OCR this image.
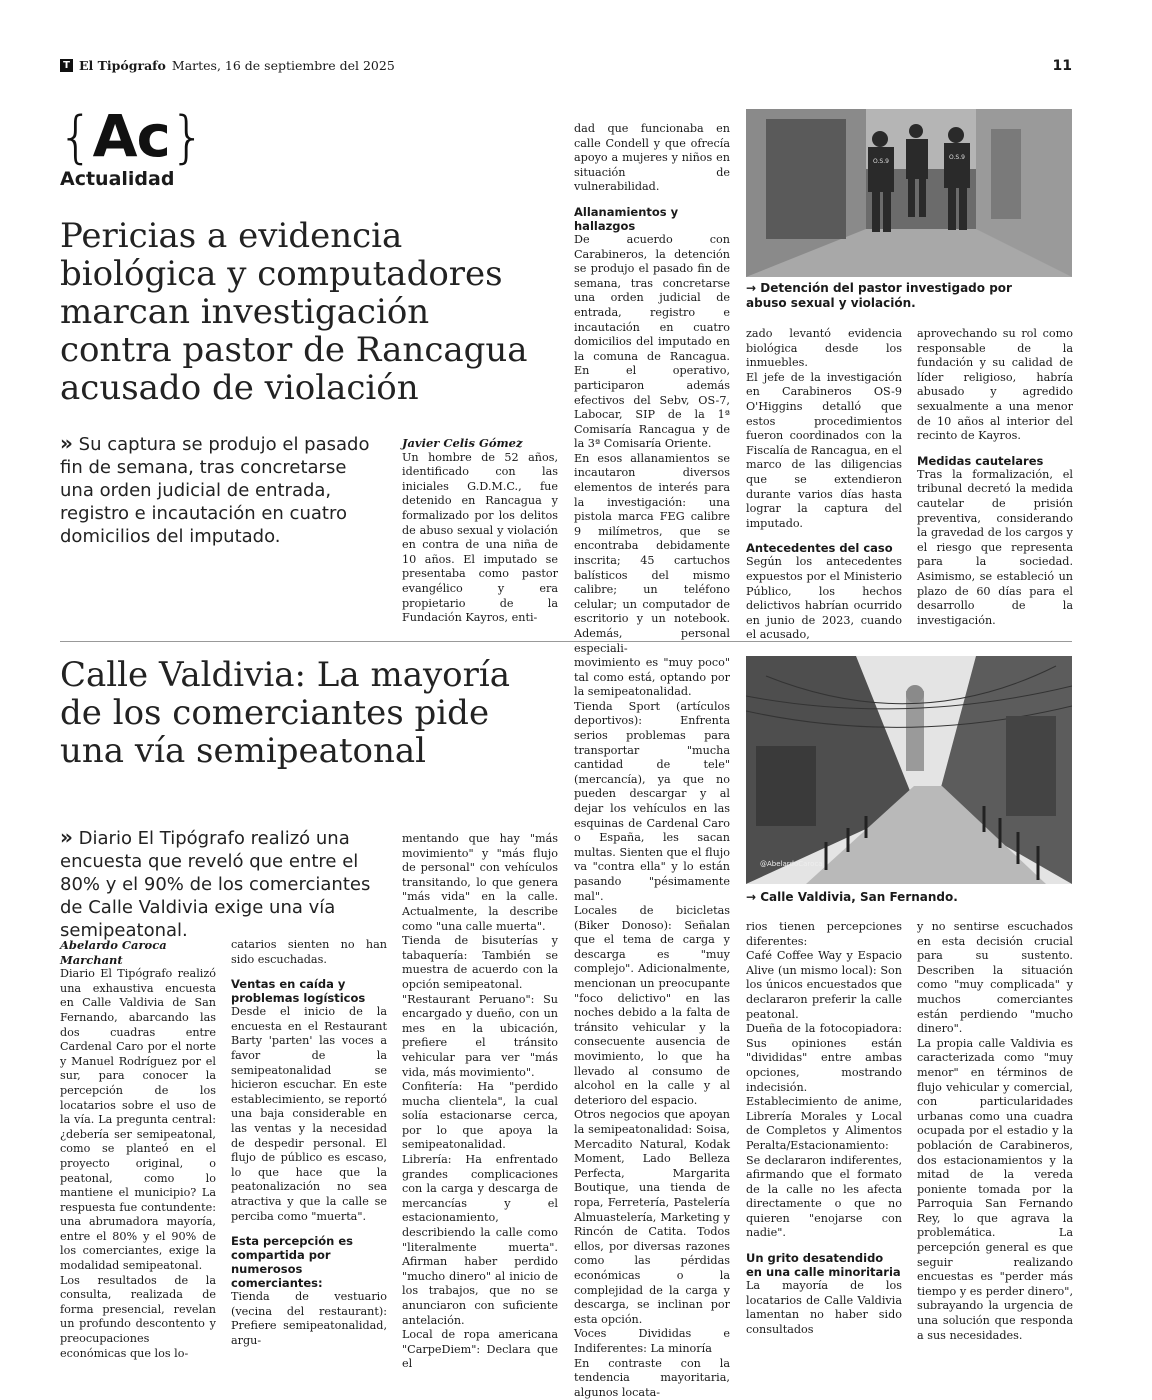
T El Tipógrafo Martes, 16 de septiembre del 2025	11
{Ac}
Actualidad
Pericias a evidencia biológica y computadores marcan investigación contra pastor de Rancagua acusado de violación
» Su captura se produjo el pasado fin de semana, tras concretarse una orden judicial de entrada, registro e incautación en cuatro domicilios del imputado.

Javier Celis Gómez

Un hombre de 52 años, identificado con las iniciales G.D.M.C., fue detenido en Rancagua y formalizado por los delitos de abuso sexual y violación en contra de una niña de 10 años. El imputado se presentaba como pastor evangélico y era propietario de la Fundación Kayros, enti-

dad que funcionaba en calle Condell y que ofrecía apoyo a mujeres y niños en situación de vulnerabilidad.

Allanamientos y hallazgos

De acuerdo con Carabineros, la detención se produjo el pasado fin de semana, tras concretarse una orden judicial de entrada, registro e incautación en cuatro domicilios del imputado en la comuna de Rancagua. En el operativo, participaron además efectivos del Sebv, OS-7, Labocar, SIP de la 1ª Comisaría Rancagua y de la 3ª Comisaría Oriente.

En esos allanamientos se incautaron diversos elementos de interés para la investigación: una pistola marca FEG calibre 9 milímetros, que se encontraba debidamente inscrita; 45 cartuchos balísticos del mismo calibre; un teléfono celular; un computador de escritorio y un notebook. Además, personal especiali-

O.S.9
O.S.9
→ Detención del pastor investigado por abuso sexual y violación.

zado levantó evidencia biológica desde los inmuebles.

El jefe de la investigación en Carabineros OS-9 O'Higgins detalló que estos procedimientos fueron coordinados con la Fiscalía de Rancagua, en el marco de las diligencias que se extendieron durante varios días hasta lograr la captura del imputado.

Antecedentes del caso

Según los antecedentes expuestos por el Ministerio Público, los hechos delictivos habrían ocurrido en junio de 2023, cuando el acusado,

aprovechando su rol como responsable de la fundación y su calidad de líder religioso, habría abusado y agredido sexualmente a una menor de 10 años al interior del recinto de Kayros.

Medidas cautelares

Tras la formalización, el tribunal decretó la medida cautelar de prisión preventiva, considerando la gravedad de los cargos y el riesgo que representa para la sociedad. Asimismo, se estableció un plazo de 60 días para el desarrollo de la investigación.

Calle Valdivia: La mayoría de los comerciantes pide una vía semipeatonal
» Diario El Tipógrafo realizó una encuesta que reveló que entre el 80% y el 90% de los comerciantes de Calle Valdivia exige una vía semipeatonal.

Abelardo Caroca Marchant

Diario El Tipógrafo realizó una exhaustiva encuesta en Calle Valdivia de San Fernando, abarcando las dos cuadras entre Cardenal Caro por el norte y Manuel Rodríguez por el sur, para conocer la percepción de los locatarios sobre el uso de la vía. La pregunta central: ¿debería ser semipeatonal, como se planteó en el proyecto original, o peatonal, como lo mantiene el municipio? La respuesta fue contundente: una abrumadora mayoría, entre el 80% y el 90% de los comerciantes, exige la modalidad semipeatonal.

Los resultados de la consulta, realizada de forma presencial, revelan un profundo descontento y preocupaciones económicas que los lo-

catarios sienten no han sido escuchadas.

Ventas en caída y problemas logísticos

Desde el inicio de la encuesta en el Restaurant Barty 'parten' las voces a favor de la semipeatonalidad se hicieron escuchar. En este establecimiento, se reportó una baja considerable en las ventas y la necesidad de despedir personal. El flujo de público es escaso, lo que hace que la peatonalización no sea atractiva y que la calle se perciba como "muerta".

Esta percepción es compartida por numerosos comerciantes:

Tienda de vestuario (vecina del restaurant): Prefiere semipeatonalidad, argu-

mentando que hay "más movimiento" y "más flujo de personal" con vehículos transitando, lo que genera "más vida" en la calle. Actualmente, la describe como "una calle muerta".

Tienda de bisuterías y tabaquería: También se muestra de acuerdo con la opción semipeatonal.

"Restaurant Peruano": Su encargado y dueño, con un mes en la ubicación, prefiere el tránsito vehicular para ver "más vida, más movimiento".

Confitería: Ha "perdido mucha clientela", la cual solía estacionarse cerca, por lo que apoya la semipeatonalidad.

Librería: Ha enfrentado grandes complicaciones con la carga y descarga de mercancías y el estacionamiento, describiendo la calle como "literalmente muerta". Afirman haber perdido "mucho dinero" al inicio de los trabajos, que no se anunciaron con suficiente antelación.

Local de ropa americana "CarpeDiem": Declara que el

movimiento es "muy poco" tal como está, optando por la semipeatonalidad.

Tienda Sport (artículos deportivos): Enfrenta serios problemas para transportar "mucha cantidad de tele" (mercancía), ya que no pueden descargar y al dejar los vehículos en las esquinas de Cardenal Caro o España, les sacan multas. Sienten que el flujo va "contra ella" y lo están pasando "pésimamente mal".

Locales de bicicletas (Biker Donoso): Señalan que el tema de carga y descarga es "muy complejo". Adicionalmente, mencionan un preocupante "foco delictivo" en las noches debido a la falta de tránsito vehicular y la consecuente ausencia de movimiento, lo que ha llevado al consumo de alcohol en la calle y al deterioro del espacio.

Otros negocios que apoyan la semipeatonalidad: Soisa, Mercadito Natural, Kodak Moment, Lado Belleza Perfecta, Margarita Boutique, una tienda de ropa, Ferretería, Pastelería Almuastelería, Marketing y Rincón de Catita. Todos ellos, por diversas razones como las pérdidas económicas o la complejidad de la carga y descarga, se inclinan por esta opción.

Voces Divididas e Indiferentes: La minoría

En contraste con la tendencia mayoritaria, algunos locata-

@AbelardoCaroca
→ Calle Valdivia, San Fernando.

rios tienen percepciones diferentes:

Café Coffee Way y Espacio Alive (un mismo local): Son los únicos encuestados que declararon preferir la calle peatonal.

Dueña de la fotocopiadora: Sus opiniones están "divididas" entre ambas opciones, mostrando indecisión.

Establecimiento de anime, Librería Morales y Local de Completos y Alimentos Peralta/Estacionamiento: Se declararon indiferentes, afirmando que el formato de la calle no les afecta directamente o que no quieren "enojarse con nadie".

Un grito desatendido en una calle minoritaria

La mayoría de los locatarios de Calle Valdivia lamentan no haber sido consultados

y no sentirse escuchados en esta decisión crucial para su sustento. Describen la situación como "muy complicada" y muchos comerciantes están perdiendo "mucho dinero".

La propia calle Valdivia es caracterizada como "muy menor" en términos de flujo vehicular y comercial, con particularidades urbanas como una cuadra ocupada por el estadio y la población de Carabineros, dos estacionamientos y la mitad de la vereda poniente tomada por la Parroquia San Fernando Rey, lo que agrava la problemática. La percepción general es que seguir realizando encuestas es "perder más tiempo y es perder dinero", subrayando la urgencia de una solución que responda a sus necesidades.
